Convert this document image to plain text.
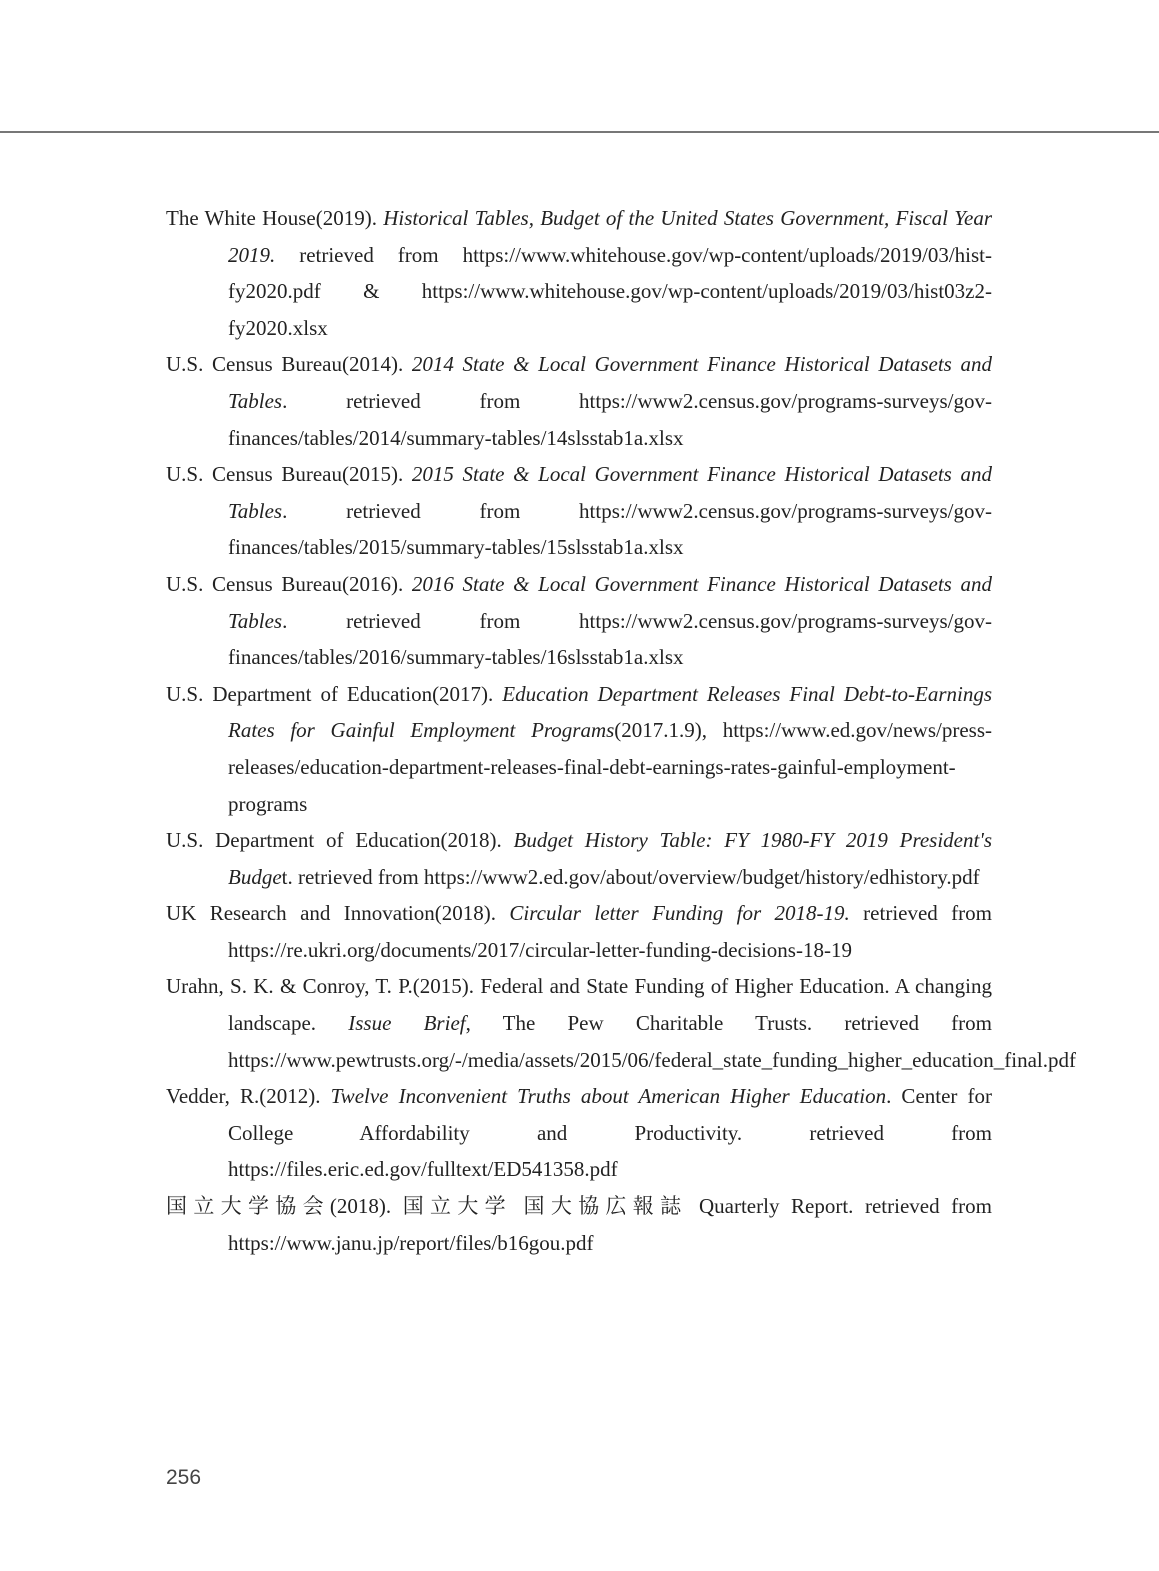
The White House(2019). Historical Tables, Budget of the United States Government, Fiscal Year 2019. retrieved from https://www.whitehouse.gov/wp-content/uploads/2019/03/hist-fy2020.pdf & https://www.whitehouse.gov/wp-content/uploads/2019/03/hist03z2-fy2020.xlsx
U.S. Census Bureau(2014). 2014 State & Local Government Finance Historical Datasets and Tables. retrieved from https://www2.census.gov/programs-surveys/gov-finances/tables/2014/summary-tables/14slsstab1a.xlsx
U.S. Census Bureau(2015). 2015 State & Local Government Finance Historical Datasets and Tables. retrieved from https://www2.census.gov/programs-surveys/gov-finances/tables/2015/summary-tables/15slsstab1a.xlsx
U.S. Census Bureau(2016). 2016 State & Local Government Finance Historical Datasets and Tables. retrieved from https://www2.census.gov/programs-surveys/gov-finances/tables/2016/summary-tables/16slsstab1a.xlsx
U.S. Department of Education(2017). Education Department Releases Final Debt-to-Earnings Rates for Gainful Employment Programs(2017.1.9), https://www.ed.gov/news/press-releases/education-department-releases-final-debt-earnings-rates-gainful-employment-programs
U.S. Department of Education(2018). Budget History Table: FY 1980-FY 2019 President's Budget. retrieved from https://www2.ed.gov/about/overview/budget/history/edhistory.pdf
UK Research and Innovation(2018). Circular letter Funding for 2018-19. retrieved from https://re.ukri.org/documents/2017/circular-letter-funding-decisions-18-19
Urahn, S. K. & Conroy, T. P.(2015). Federal and State Funding of Higher Education. A changing landscape. Issue Brief, The Pew Charitable Trusts. retrieved from https://www.pewtrusts.org/-/media/assets/2015/06/federal_state_funding_higher_education_final.pdf
Vedder, R.(2012). Twelve Inconvenient Truths about American Higher Education. Center for College Affordability and Productivity. retrieved from https://files.eric.ed.gov/fulltext/ED541358.pdf
国立大学協会(2018). 国立大学 国大協広報誌 Quarterly Report. retrieved from https://www.janu.jp/report/files/b16gou.pdf
256
